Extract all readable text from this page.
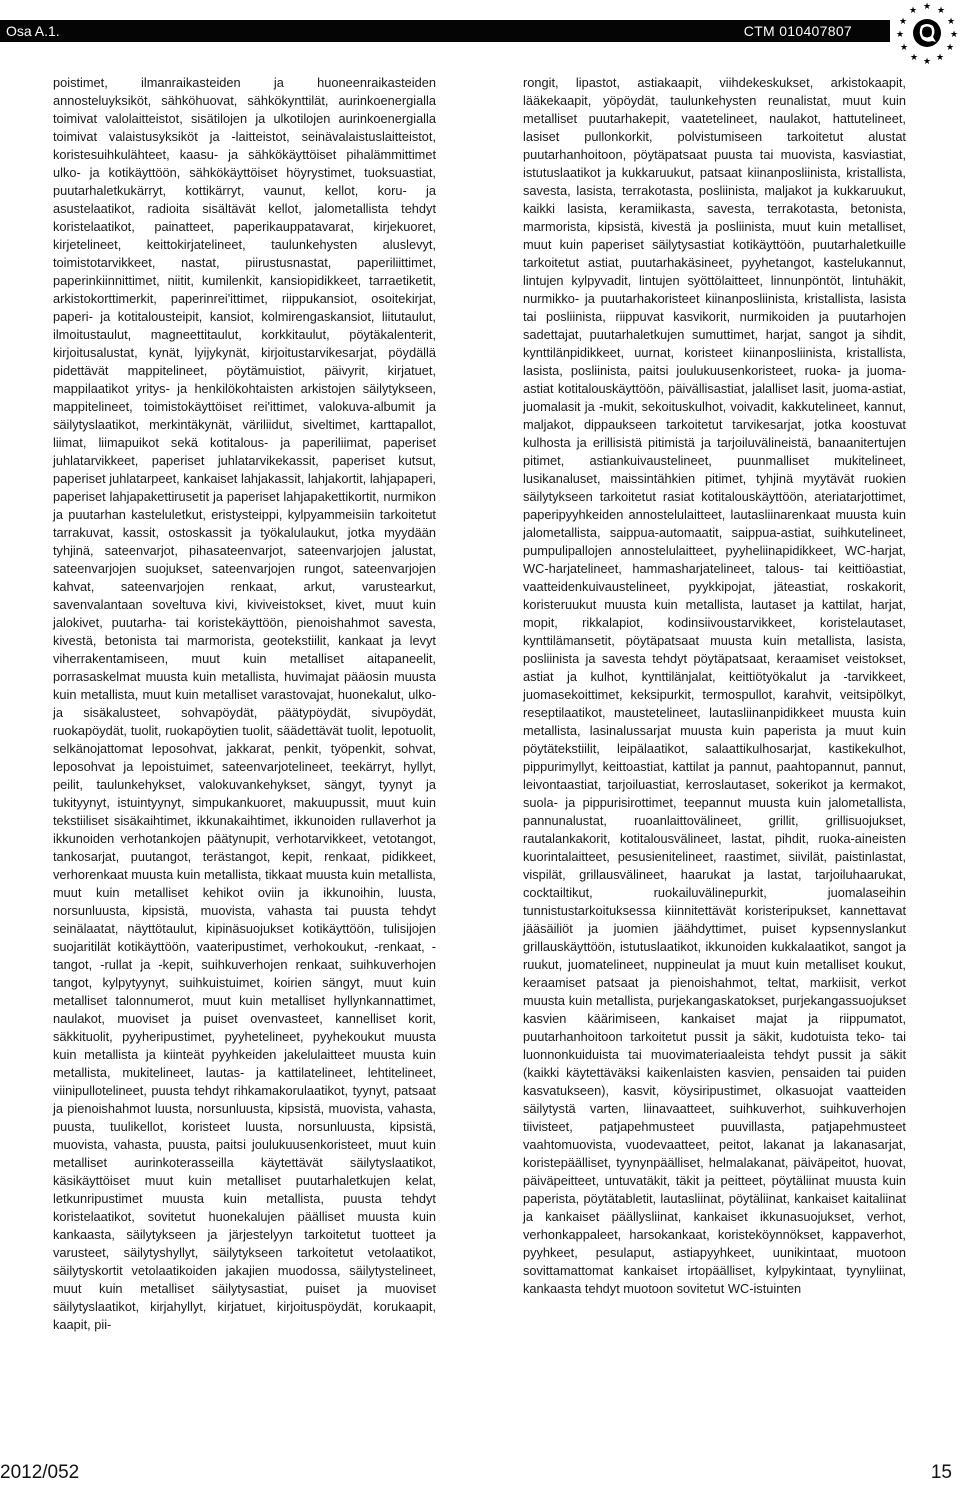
Osa A.1.	CTM 010407807
★ ★
★
★
★
★
★
★
★
★
★
★

poistimet, ilmanraikasteiden ja huoneenraikasteiden annosteluyksiköt, sähköhuovat, sähkökynttilät, aurinkoenergialla toimivat valolaitteistot, sisätilojen ja ulkotilojen aurinkoenergialla toimivat valaistusyksiköt ja -laitteistot, seinävalaistuslaitteistot, koristesuihkulähteet, kaasu- ja sähkökäyttöiset pihalämmittimet ulko- ja kotikäyttöön, sähkökäyttöiset höyrystimet, tuoksuastiat, puutarhaletkukärryt, kottikärryt, vaunut, kellot, koru- ja asustelaatikot, radioita sisältävät kellot, jalometallista tehdyt koristelaatikot, painatteet, paperikauppatavarat, kirjekuoret, kirjetelineet, keittokirjatelineet, taulunkehysten aluslevyt, toimistotarvikkeet, nastat, piirustusnastat, paperiliittimet, paperinkiinnittimet, niitit, kumilenkit, kansiopidikkeet, tarraetiketit, arkistokorttimerkit, paperinrei'ittimet, riippukansiot, osoitekirjat, paperi- ja kotitalousteipit, kansiot, kolmirengaskansiot, liitutaulut, ilmoitustaulut, magneettitaulut, korkkitaulut, pöytäkalenterit, kirjoitusalustat, kynät, lyijykynät, kirjoitustarvikesarjat, pöydällä pidettävät mappitelineet, pöytämuistiot, päivyrit, kirjatuet, mappilaatikot yritys- ja henkilökohtaisten arkistojen säilytykseen, mappitelineet, toimistokäyttöiset rei'ittimet, valokuva-albumit ja säilytyslaatikot, merkintäkynät, väriliidut, siveltimet, karttapallot, liimat, liimapuikot sekä kotitalous- ja paperiliimat, paperiset juhlatarvikkeet, paperiset juhlatarvikekassit, paperiset kutsut, paperiset juhlatarpeet, kankaiset lahjakassit, lahjakortit, lahjapaperi, paperiset lahjapakettirusetit ja paperiset lahjapakettikortit, nurmikon ja puutarhan kasteluletkut, eristysteippi, kylpyammeisiin tarkoitetut tarrakuvat, kassit, ostoskassit ja työkalulaukut, jotka myydään tyhjinä, sateenvarjot, pihasateenvarjot, sateenvarjojen jalustat, sateenvarjojen suojukset, sateenvarjojen rungot, sateenvarjojen kahvat, sateenvarjojen renkaat, arkut, varustearkut, savenvalantaan soveltuva kivi, kiviveistokset, kivet, muut kuin jalokivet, puutarha- tai koristekäyttöön, pienoishahmot savesta, kivestä, betonista tai marmorista, geotekstiilit, kankaat ja levyt viherrakentamiseen, muut kuin metalliset aitapaneelit, porrasaskelmat muusta kuin metallista, huvimajat pääosin muusta kuin metallista, muut kuin metalliset varastovajat, huonekalut, ulko- ja sisäkalusteet, sohvapöydät, päätypöydät, sivupöydät, ruokapöydät, tuolit, ruokapöytien tuolit, säädettävät tuolit, lepotuolit, selkänojattomat leposohvat, jakkarat, penkit, työpenkit, sohvat, leposohvat ja lepoistuimet, sateenvarjotelineet, teekärryt, hyllyt, peilit, taulunkehykset, valokuvankehykset, sängyt, tyynyt ja tukityynyt, istuintyynyt, simpukankuoret, makuupussit, muut kuin tekstiiliset sisäkaihtimet, ikkunakaihtimet, ikkunoiden rullaverhot ja ikkunoiden verhotankojen päätynupit, verhotarvikkeet, vetotangot, tankosarjat, puutangot, terästangot, kepit, renkaat, pidikkeet, verhorenkaat muusta kuin metallista, tikkaat muusta kuin metallista, muut kuin metalliset kehikot oviin ja ikkunoihin, luusta, norsunluusta, kipsistä, muovista, vahasta tai puusta tehdyt seinälaatat, näyttötaulut, kipinäsuojukset kotikäyttöön, tulisijojen suojaritilät kotikäyttöön, vaateripustimet, verhokoukut, -renkaat, -tangot, -rullat ja -kepit, suihkuverhojen renkaat, suihkuverhojen tangot, kylpytyynyt, suihkuistuimet, koirien sängyt, muut kuin metalliset talonnumerot, muut kuin metalliset hyllynkannattimet, naulakot, muoviset ja puiset ovenvasteet, kannelliset korit, säkkituolit, pyyheripustimet, pyyhetelineet, pyyhekoukut muusta kuin metallista ja kiinteät pyyhkeiden jakelulaitteet muusta kuin metallista, mukitelineet, lautas- ja kattilatelineet, lehtitelineet, viinipullotelineet, puusta tehdyt rihkamakorulaatikot, tyynyt, patsaat ja pienoishahmot luusta, norsunluusta, kipsistä, muovista, vahasta, puusta, tuulikellot, koristeet luusta, norsunluusta, kipsistä, muovista, vahasta, puusta, paitsi joulukuusenkoristeet, muut kuin metalliset aurinkoterasseilla käytettävät säilytyslaatikot, käsikäyttöiset muut kuin metalliset puutarhaletkujen kelat, letkunripustimet muusta kuin metallista, puusta tehdyt koristelaatikot, sovitetut huonekalujen päälliset muusta kuin kankaasta, säilytykseen ja järjestelyyn tarkoitetut tuotteet ja varusteet, säilytyshyllyt, säilytykseen tarkoitetut vetolaatikot, säilytyskortit vetolaatikoiden jakajien muodossa, säilytystelineet, muut kuin metalliset säilytysastiat, puiset ja muoviset säilytyslaatikot, kirjahyllyt, kirjatuet, kirjoituspöydät, korukaapit, kaapit, pii-

rongit, lipastot, astiakaapit, viihdekeskukset, arkistokaapit, lääkekaapit, yöpöydät, taulunkehysten reunalistat, muut kuin metalliset puutarhakepit, vaatetelineet, naulakot, hattutelineet, lasiset pullonkorkit, polvistumiseen tarkoitetut alustat puutarhanhoitoon, pöytäpatsaat puusta tai muovista, kasviastiat, istutuslaatikot ja kukkaruukut, patsaat kiinanposliinista, kristallista, savesta, lasista, terrakotasta, posliinista, maljakot ja kukkaruukut, kaikki lasista, keramiikasta, savesta, terrakotasta, betonista, marmorista, kipsistä, kivestä ja posliinista, muut kuin metalliset, muut kuin paperiset säilytysastiat kotikäyttöön, puutarhaletkuille tarkoitetut astiat, puutarhakäsineet, pyyhetangot, kastelukannut, lintujen kylpyvadit, lintujen syöttölaitteet, linnunpöntöt, lintuhäkit, nurmikko- ja puutarhakoristeet kiinanposliinista, kristallista, lasista tai posliinista, riippuvat kasvikorit, nurmikoiden ja puutarhojen sadettajat, puutarhaletkujen sumuttimet, harjat, sangot ja sihdit, kynttilänpidikkeet, uurnat, koristeet kiinanposliinista, kristallista, lasista, posliinista, paitsi joulukuusenkoristeet, ruoka- ja juoma-astiat kotitalouskäyttöön, päivällisastiat, jalalliset lasit, juoma-astiat, juomalasit ja -mukit, sekoituskulhot, voivadit, kakkutelineet, kannut, maljakot, dippaukseen tarkoitetut tarvikesarjat, jotka koostuvat kulhosta ja erillisistä pitimistä ja tarjoiluvälineistä, banaanitertujen pitimet, astiankuivaustelineet, puunmalliset mukitelineet, lusikanaluset, maissintähkien pitimet, tyhjinä myytävät ruokien säilytykseen tarkoitetut rasiat kotitalouskäyttöön, ateriatarjottimet, paperipyyhkeiden annostelulaitteet, lautasliinarenkaat muusta kuin jalometallista, saippua-automaatit, saippua-astiat, suihkutelineet, pumpulipallojen annostelulaitteet, pyyheliinapidikkeet, WC-harjat, WC-harjatelineet, hammasharjatelineet, talous- tai keittiöastiat, vaatteidenkuivaustelineet, pyykkipojat, jäteastiat, roskakorit, koristeruukut muusta kuin metallista, lautaset ja kattilat, harjat, mopit, rikkalapiot, kodinsiivoustarvikkeet, koristelautaset, kynttilämansetit, pöytäpatsaat muusta kuin metallista, lasista, posliinista ja savesta tehdyt pöytäpatsaat, keraamiset veistokset, astiat ja kulhot, kynttilänjalat, keittiötyökalut ja -tarvikkeet, juomasekoittimet, keksipurkit, termospullot, karahvit, veitsipölkyt, reseptilaatikot, maustetelineet, lautasliinanpidikkeet muusta kuin metallista, lasinalussarjat muusta kuin paperista ja muut kuin pöytätekstiilit, leipälaatikot, salaattikulhosarjat, kastikekulhot, pippurimyllyt, keittoastiat, kattilat ja pannut, paahtopannut, pannut, leivontaastiat, tarjoiluastiat, kerroslautaset, sokerikot ja kermakot, suola- ja pippurisirottimet, teepannut muusta kuin jalometallista, pannunalustat, ruoanlaittovälineet, grillit, grillisuojukset, rautalankakorit, kotitalousvälineet, lastat, pihdit, ruoka-aineisten kuorintalaitteet, pesusienitelineet, raastimet, siivilät, paistinlastat, vispilät, grillausvälineet, haarukat ja lastat, tarjoiluhaarukat, cocktailtikut, ruokailuvälinepurkit, juomalaseihin tunnistustarkoituksessa kiinnitettävät koristeripukset, kannettavat jääsäiliöt ja juomien jäähdyttimet, puiset kypsennyslankut grillauskäyttöön, istutuslaatikot, ikkunoiden kukkalaatikot, sangot ja ruukut, juomatelineet, nuppineulat ja muut kuin metalliset koukut, keraamiset patsaat ja pienoishahmot, teltat, markiisit, verkot muusta kuin metallista, purjekangaskatokset, purjekangassuojukset kasvien käärimiseen, kankaiset majat ja riippumatot, puutarhanhoitoon tarkoitetut pussit ja säkit, kudotuista teko- tai luonnonkuiduista tai muovimateriaaleista tehdyt pussit ja säkit (kaikki käytettäväksi kaikenlaisten kasvien, pensaiden tai puiden kasvatukseen), kasvit, köysiripustimet, olkasuojat vaatteiden säilytystä varten, liinavaatteet, suihkuverhot, suihkuverhojen tiivisteet, patjapehmusteet puuvillasta, patjapehmusteet vaahtomuovista, vuodevaatteet, peitot, lakanat ja lakanasarjat, koristepäälliset, tyynynpäälliset, helmalakanat, päiväpeitot, huovat, päiväpeitteet, untuvatäkit, täkit ja peitteet, pöytäliinat muusta kuin paperista, pöytätabletit, lautasliinat, pöytäliinat, kankaiset kaitaliinat ja kankaiset päällysliinat, kankaiset ikkunasuojukset, verhot, verhonkappaleet, harsokankaat, koristeköynnökset, kappaverhot, pyyhkeet, pesulaput, astiapyyhkeet, uunikintaat, muotoon sovittamattomat kankaiset irtopäälliset, kylpykintaat, tyynyliinat, kankaasta tehdyt muotoon sovitetut WC-istuinten

2012/052	15
